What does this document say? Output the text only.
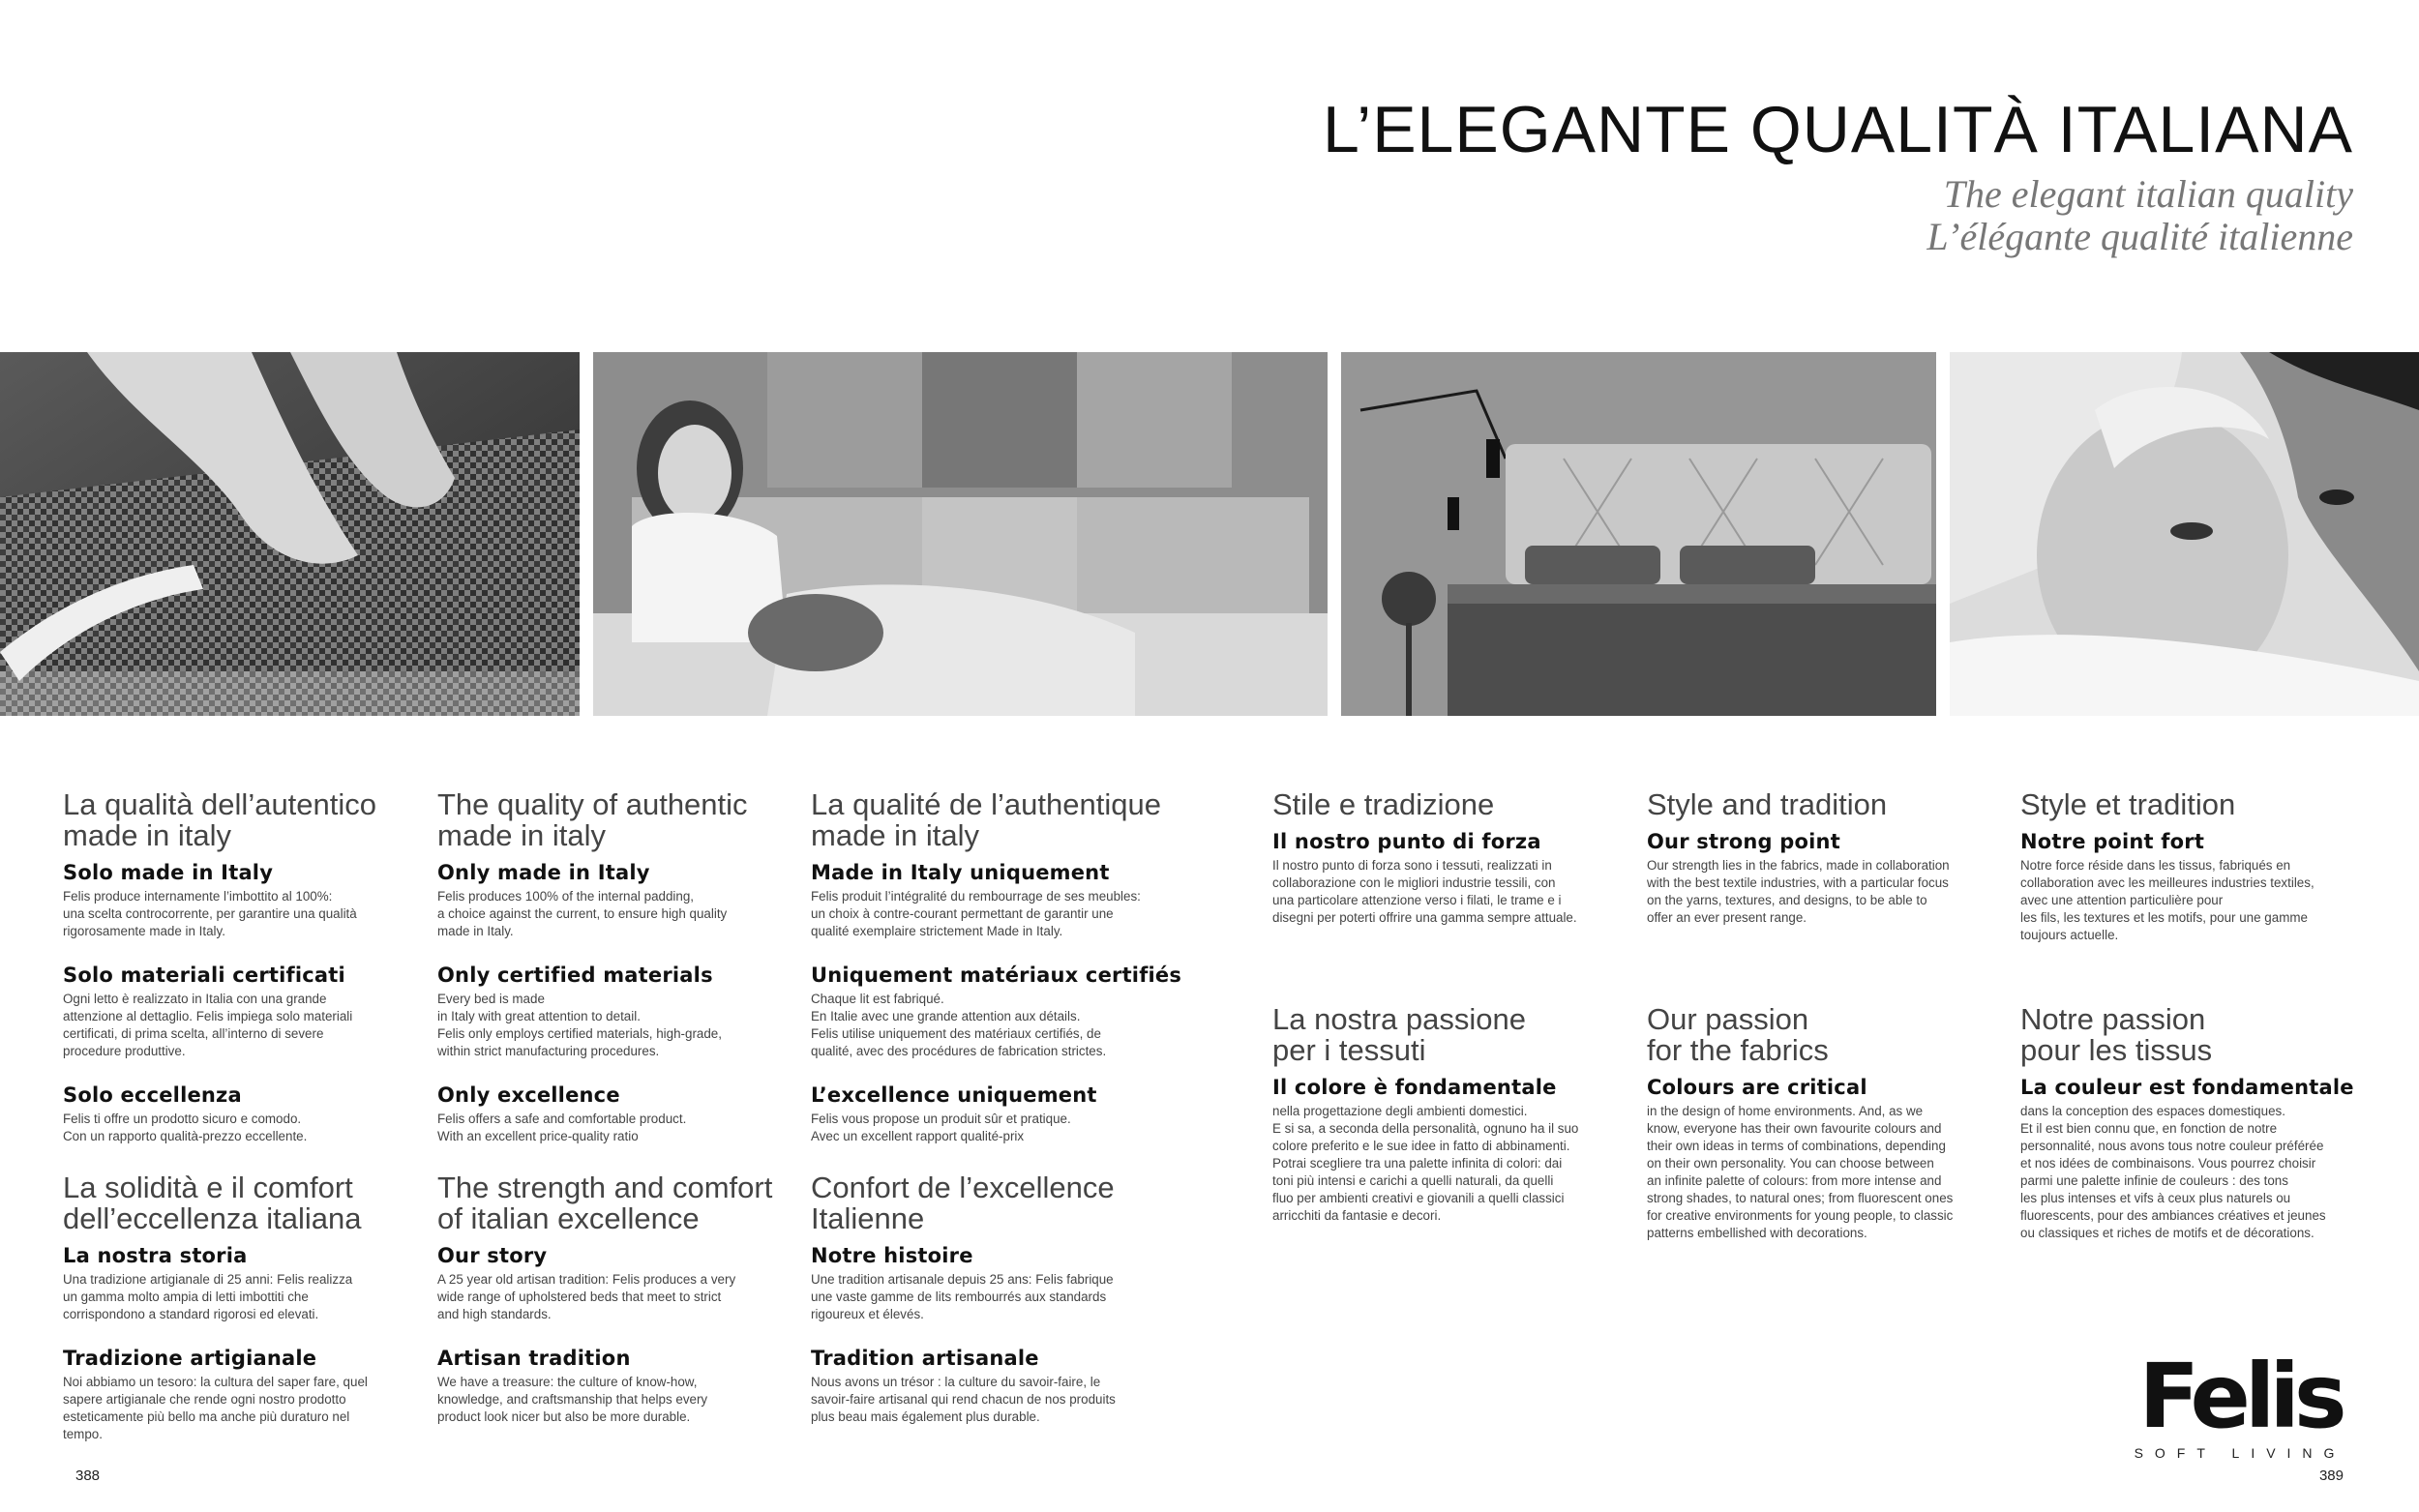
L’ELEGANTE QUALITÀ ITALIANA
The elegant italian quality
L’élégante qualité italienne
La qualità dell’autentico
made in italy
Solo made in Italy
Felis produce internamente l’imbottito al 100%:
una scelta controcorrente, per garantire una qualità
rigorosamente made in Italy.
Solo materiali certificati
Ogni letto è realizzato in Italia con una grande
attenzione al dettaglio. Felis impiega solo materiali
certificati, di prima scelta, all’interno di severe
procedure produttive.
Solo eccellenza
Felis ti offre un prodotto sicuro e comodo.
Con un rapporto qualità-prezzo eccellente.
La solidità e il comfort
dell’eccellenza italiana
La nostra storia
Una tradizione artigianale di 25 anni: Felis realizza
un gamma molto ampia di letti imbottiti che
corrispondono a standard rigorosi ed elevati.
Tradizione artigianale
Noi abbiamo un tesoro: la cultura del saper fare, quel
sapere artigianale che rende ogni nostro prodotto
esteticamente più bello ma anche più duraturo nel
tempo.
The quality of authentic
made in italy
Only made in Italy
Felis produces 100% of the internal padding,
a choice against the current, to ensure high quality
made in Italy.
Only certified materials
Every bed is made
in Italy with great attention to detail.
Felis only employs certified materials, high-grade,
within strict manufacturing procedures.
Only excellence
Felis offers a safe and comfortable product.
With an excellent price-quality ratio
The strength and comfort
of italian excellence
Our story
A 25 year old artisan tradition: Felis produces a very
wide range of upholstered beds that meet to strict
and high standards.
Artisan tradition
We have a treasure: the culture of know-how,
knowledge, and craftsmanship that helps every
product look nicer but also be more durable.
La qualité de l’authentique
made in italy
Made in Italy uniquement
Felis produit l’intégralité du rembourrage de ses meubles:
un choix à contre-courant permettant de garantir une
qualité exemplaire strictement Made in Italy.
Uniquement matériaux certifiés
Chaque lit est fabriqué.
En Italie avec une grande attention aux détails.
Felis utilise uniquement des matériaux certifiés, de
qualité, avec des procédures de fabrication strictes.
L’excellence uniquement
Felis vous propose un produit sûr et pratique.
Avec un excellent rapport qualité-prix
Confort de l’excellence
Italienne
Notre histoire
Une tradition artisanale depuis 25 ans: Felis fabrique
une vaste gamme de lits rembourrés aux standards
rigoureux et élevés.
Tradition artisanale
Nous avons un trésor : la culture du savoir-faire, le
savoir-faire artisanal qui rend chacun de nos produits
plus beau mais également plus durable.
Stile e tradizione
Il nostro punto di forza
Il nostro punto di forza sono i tessuti, realizzati in
collaborazione con le migliori industrie tessili, con
una particolare attenzione verso i filati, le trame e i
disegni per poterti offrire una gamma sempre attuale.
La nostra passione
per i tessuti
Il colore è fondamentale
nella progettazione degli ambienti domestici.
E si sa, a seconda della personalità, ognuno ha il suo
colore preferito e le sue idee in fatto di abbinamenti.
Potrai scegliere tra una palette infinita di colori: dai
toni più intensi e carichi a quelli naturali, da quelli
fluo per ambienti creativi e giovanili a quelli classici
arricchiti da fantasie e decori.
Style and tradition
Our strong point
Our strength lies in the fabrics, made in collaboration
with the best textile industries, with a particular focus
on the yarns, textures, and designs, to be able to
offer an ever present range.
Our passion
for the fabrics
Colours are critical
in the design of home environments. And, as we
know, everyone has their own favourite colours and
their own ideas in terms of combinations, depending
on their own personality. You can choose between
an infinite palette of colours: from more intense and
strong shades, to natural ones; from fluorescent ones
for creative environments for young people, to classic
patterns embellished with decorations.
Style et tradition
Notre point fort
Notre force réside dans les tissus, fabriqués en
collaboration avec les meilleures industries textiles,
avec une attention particulière pour
les fils, les textures et les motifs, pour une gamme
toujours actuelle.
Notre passion
pour les tissus
La couleur est fondamentale
dans la conception des espaces domestiques.
Et il est bien connu que, en fonction de notre
personnalité, nous avons tous notre couleur préférée
et nos idées de combinaisons. Vous pourrez choisir
parmi une palette infinie de couleurs : des tons
les plus intenses et vifs à ceux plus naturels ou
fluorescents, pour des ambiances créatives et jeunes
ou classiques et riches de motifs et de décorations.
388	389
Felis
SOFT LIVING
